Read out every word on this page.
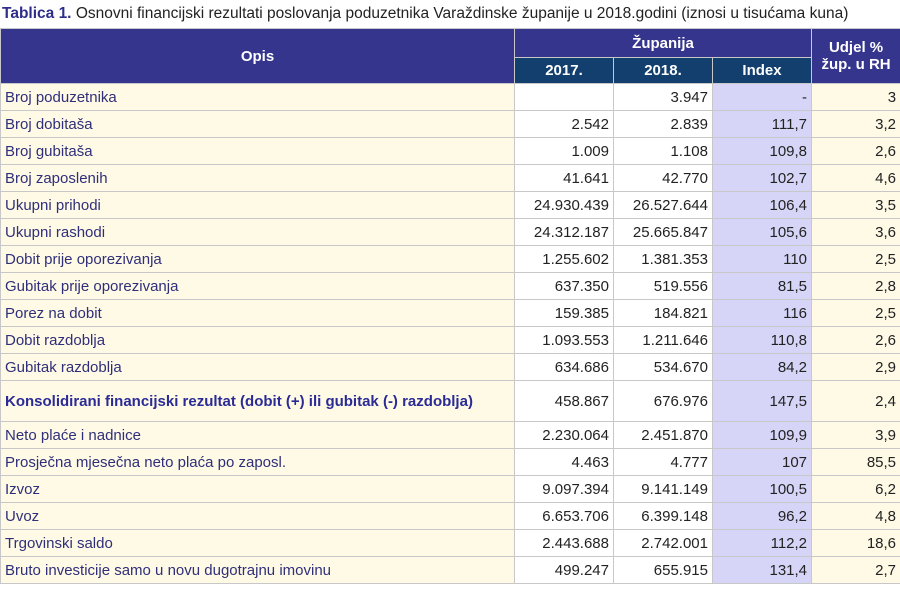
Tablica 1. Osnovni financijski rezultati poslovanja poduzetnika Varaždinske županije u 2018.godini (iznosi u tisućama kuna)
Opis	Županija			Udjel %
žup. u RH

	2017.	2018.	Index	
Broj poduzetnika		3.947	-	3
Broj dobitaša	2.542	2.839	111,7	3,2
Broj gubitaša	1.009	1.108	109,8	2,6
Broj zaposlenih	41.641	42.770	102,7	4,6
Ukupni prihodi	24.930.439	26.527.644	106,4	3,5
Ukupni rashodi	24.312.187	25.665.847	105,6	3,6
Dobit prije oporezivanja	1.255.602	1.381.353	110	2,5
Gubitak prije oporezivanja	637.350	519.556	81,5	2,8
Porez na dobit	159.385	184.821	116	2,5
Dobit razdoblja	1.093.553	1.211.646	110,8	2,6
Gubitak razdoblja	634.686	534.670	84,2	2,9
Konsolidirani financijski rezultat (dobit (+) ili gubitak (-) razdoblja)	458.867	676.976	147,5	2,4
Neto plaće i nadnice	2.230.064	2.451.870	109,9	3,9
Prosječna mjesečna neto plaća po zaposl.	4.463	4.777	107	85,5
Izvoz	9.097.394	9.141.149	100,5	6,2
Uvoz	6.653.706	6.399.148	96,2	4,8
Trgovinski saldo	2.443.688	2.742.001	112,2	18,6
Bruto investicije samo u novu dugotrajnu imovinu	499.247	655.915	131,4	2,7
